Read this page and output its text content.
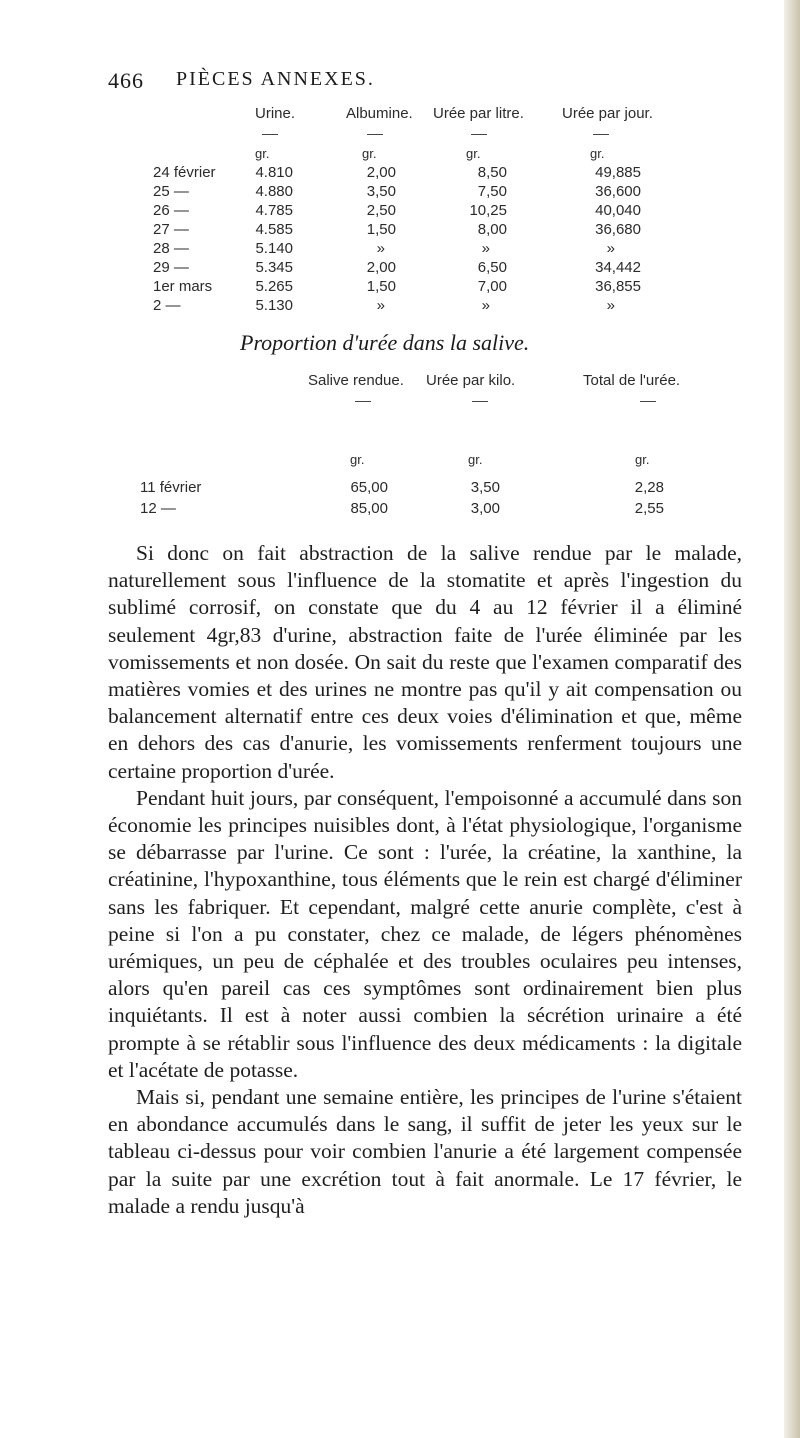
466 PIÈCES ANNEXES.
Urine.	Albumine. Urée par litre.	Urée par jour.
gr.	gr.	gr.	gr.
24 février	4.810	2,00	8,50	49,885
25 —	4.880	3,50	7,50	36,600
26 —	4.785	2,50	10,25	40,040
27 —	4.585	1,50	8,00	36,680
28 —	5.140	»	»	»
29 —	5.345	2,00	6,50	34,442
1er mars	5.265	1,50	7,00	36,855
2 —	5.130	»	»	»
Proportion d'urée dans la salive.
Salive rendue. Urée par kilo.	Total de l'urée.
gr.	gr.	gr.
11 février	65,00	3,50	2,28
12 —	85,00	3,00	2,55

Si donc on fait abstraction de la salive rendue par le malade, naturellement sous l'influence de la stomatite et après l'ingestion du sublimé corrosif, on constate que du 4 au 12 février il a éliminé seulement 4gr,83 d'urine, abstraction faite de l'urée éliminée par les vomissements et non dosée. On sait du reste que l'examen comparatif des matières vomies et des urines ne montre pas qu'il y ait compensation ou balancement alternatif entre ces deux voies d'élimination et que, même en dehors des cas d'anurie, les vomissements renferment toujours une certaine proportion d'urée.

Pendant huit jours, par conséquent, l'empoisonné a accumulé dans son économie les principes nuisibles dont, à l'état physiologique, l'organisme se débarrasse par l'urine. Ce sont : l'urée, la créatine, la xanthine, la créatinine, l'hypoxanthine, tous éléments que le rein est chargé d'éliminer sans les fabriquer. Et cependant, malgré cette anurie complète, c'est à peine si l'on a pu constater, chez ce malade, de légers phénomènes urémiques, un peu de céphalée et des troubles oculaires peu intenses, alors qu'en pareil cas ces symptômes sont ordinairement bien plus inquiétants. Il est à noter aussi combien la sécrétion urinaire a été prompte à se rétablir sous l'influence des deux médicaments : la digitale et l'acétate de potasse.

Mais si, pendant une semaine entière, les principes de l'urine s'étaient en abondance accumulés dans le sang, il suffit de jeter les yeux sur le tableau ci-dessus pour voir combien l'anurie a été largement compensée par la suite par une excrétion tout à fait anormale. Le 17 février, le malade a rendu jusqu'à
